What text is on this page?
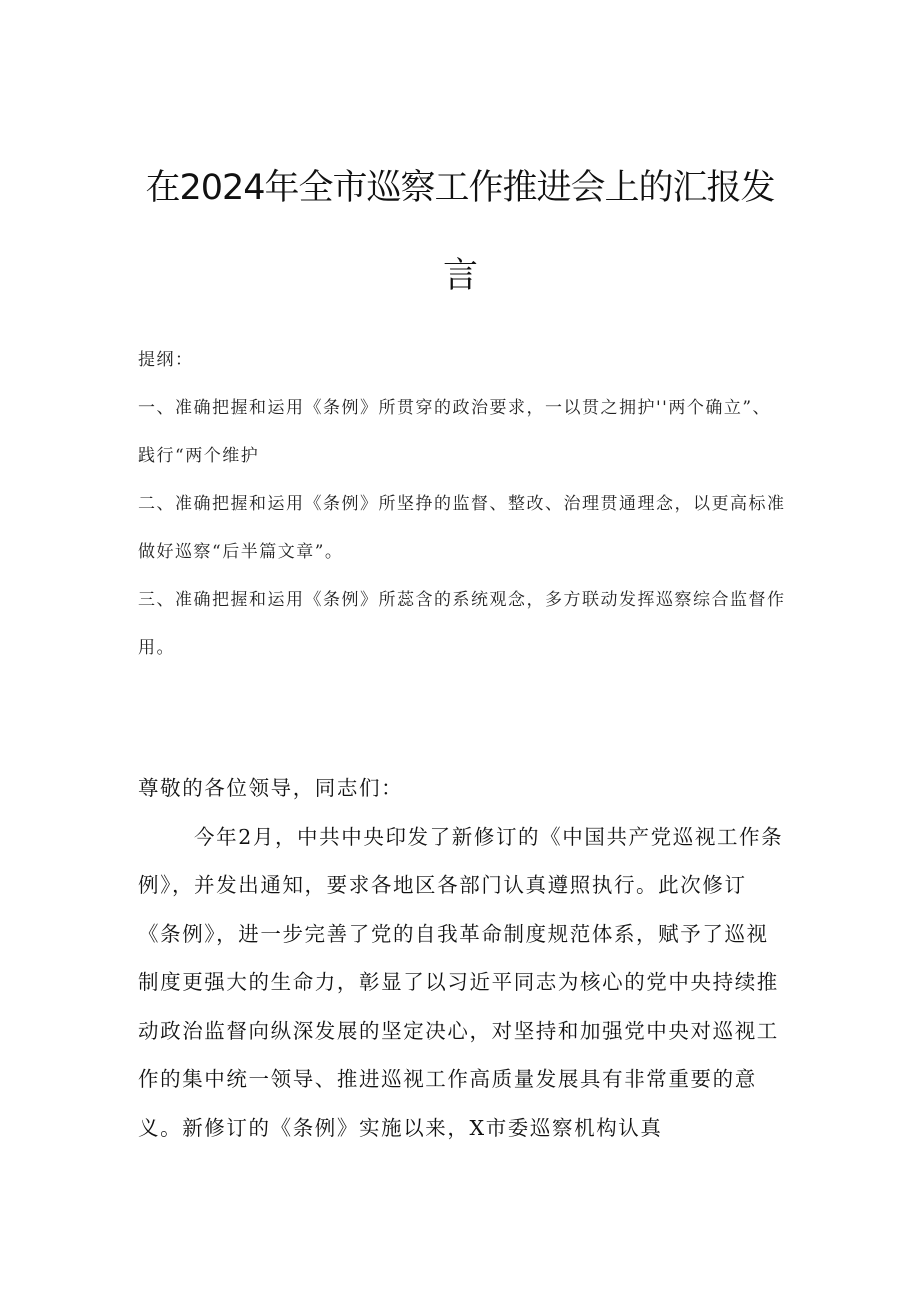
在2024年全市巡察工作推进会上的汇报发
言

提纲：

一、准确把握和运用《条例》所贯穿的政治要求，一以贯之拥护''两个确立”、践行“两个维护

二、准确把握和运用《条例》所坚挣的监督、整改、治理贯通理念，以更高标准做好巡察“后半篇文章”。

三、准确把握和运用《条例》所蕊含的系统观念，多方联动发挥巡察综合监督作用。

尊敬的各位领导，同志们：

今年2月，中共中央印发了新修订的《中国共产党巡视工作条例》，并发出通知，要求各地区各部门认真遵照执行。此次修订《条例》，进一步完善了党的自我革命制度规范体系，赋予了巡视制度更强大的生命力，彰显了以习近平同志为核心的党中央持续推动政治监督向纵深发展的坚定决心，对坚持和加强党中央对巡视工作的集中统一领导、推进巡视工作高质量发展具有非常重要的意义。新修订的《条例》实施以来，X市委巡察机构认真
